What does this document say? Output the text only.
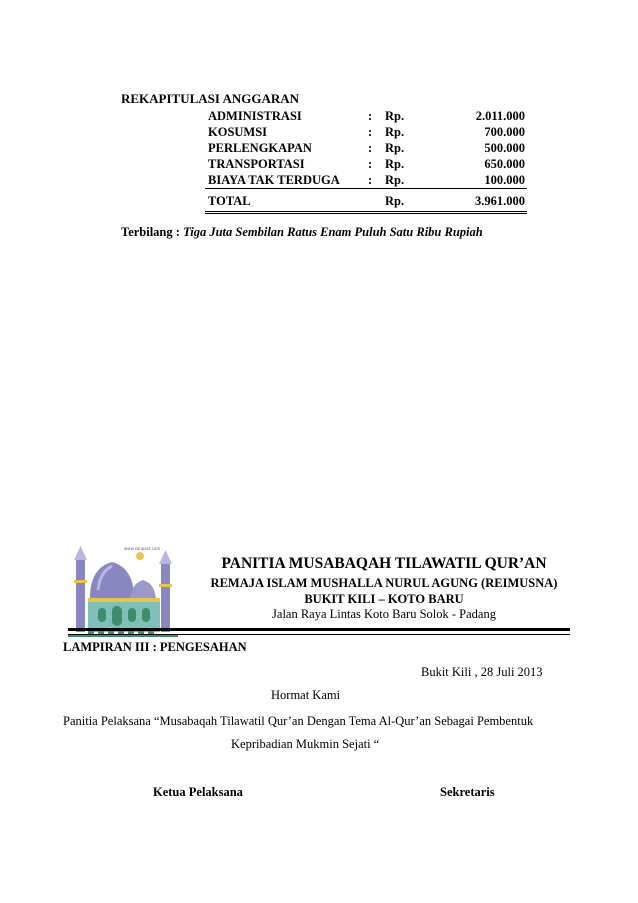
REKAPITULASI ANGGARAN
ADMINISTRASI	:	Rp.	2.011.000
KOSUMSI	:	Rp.	700.000
PERLENGKAPAN	:	Rp.	500.000
TRANSPORTASI	:	Rp.	650.000
BIAYA TAK TERDUGA	:	Rp.	100.000
TOTAL		Rp.	3.961.000
Terbilang : Tiga Juta Sembilan Ratus Enam Puluh Satu Ribu Rupiah
www.sanpost.com
PANITIA MUSABAQAH TILAWATIL QUR’AN
REMAJA ISLAM MUSHALLA NURUL AGUNG (REIMUSNA)
BUKIT KILI – KOTO BARU
Jalan Raya Lintas Koto Baru Solok - Padang
LAMPIRAN III : PENGESAHAN
Bukit Kili , 28 Juli 2013
Hormat Kami
Panitia Pelaksana “Musabaqah Tilawatil Qur’an Dengan Tema Al-Qur’an Sebagai Pembentuk
Kepribadian Mukmin Sejati “
Ketua Pelaksana	Sekretaris
